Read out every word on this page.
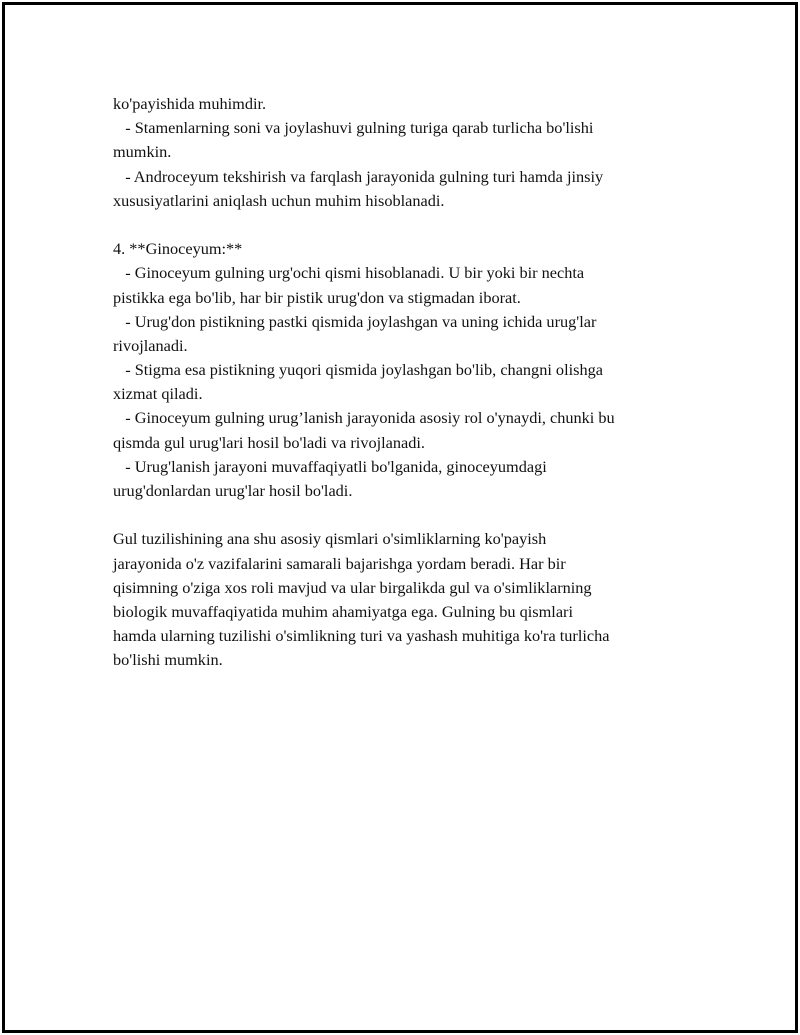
ko'payishida muhimdir.
- Stamenlarning soni va joylashuvi gulning turiga qarab turlicha bo'lishi
mumkin.
- Androceyum tekshirish va farqlash jarayonida gulning turi hamda jinsiy
xususiyatlarini aniqlash uchun muhim hisoblanadi.
4. **Ginoceyum:**
- Ginoceyum gulning urg'ochi qismi hisoblanadi. U bir yoki bir nechta
pistikka ega bo'lib, har bir pistik urug'don va stigmadan iborat.
- Urug'don pistikning pastki qismida joylashgan va uning ichida urug'lar
rivojlanadi.
- Stigma esa pistikning yuqori qismida joylashgan bo'lib, changni olishga
xizmat qiladi.
- Ginoceyum gulning urug’lanish jarayonida asosiy rol o'ynaydi, chunki bu
qismda gul urug'lari hosil bo'ladi va rivojlanadi.
- Urug'lanish jarayoni muvaffaqiyatli bo'lganida, ginoceyumdagi
urug'donlardan urug'lar hosil bo'ladi.
Gul tuzilishining ana shu asosiy qismlari o'simliklarning ko'payish
jarayonida o'z vazifalarini samarali bajarishga yordam beradi. Har bir
qisimning o'ziga xos roli mavjud va ular birgalikda gul va o'simliklarning
biologik muvaffaqiyatida muhim ahamiyatga ega. Gulning bu qismlari
hamda ularning tuzilishi o'simlikning turi va yashash muhitiga ko'ra turlicha
bo'lishi mumkin.
